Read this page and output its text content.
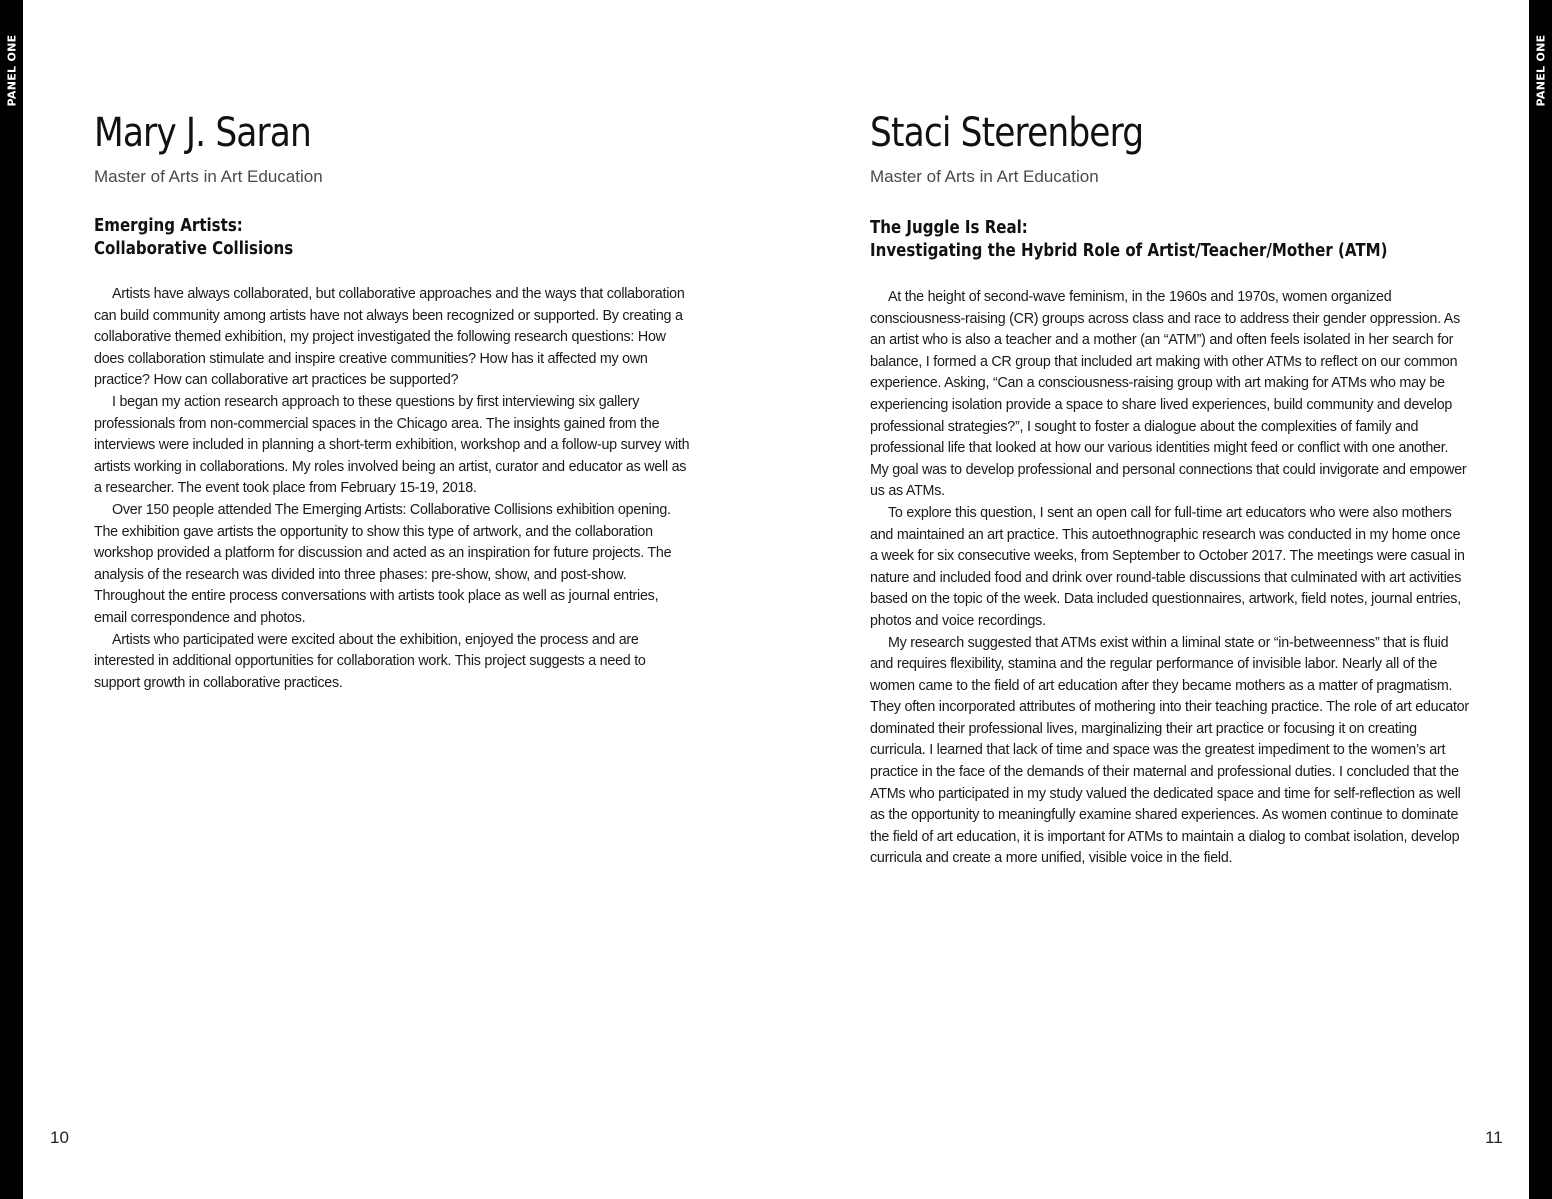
PANEL ONE	PANEL ONE
Mary J. Saran
Master of Arts in Art Education
Emerging Artists:
Collaborative Collisions

Artists have always collaborated, but collaborative approaches and the ways that collaboration can build community among artists have not always been recognized or supported. By creating a collaborative themed exhibition, my project investigated the following research questions: How does collaboration stimulate and inspire creative communities? How has it affected my own practice? How can collaborative art practices be supported?

I began my action research approach to these questions by first interviewing six gallery professionals from non-commercial spaces in the Chicago area. The insights gained from the interviews were included in planning a short-term exhibition, workshop and a follow-up survey with artists working in collaborations. My roles involved being an artist, curator and educator as well as a researcher. The event took place from February 15-19, 2018.

Over 150 people attended The Emerging Artists: Collaborative Collisions exhibition opening. The exhibition gave artists the opportunity to show this type of artwork, and the collaboration workshop provided a platform for discussion and acted as an inspiration for future projects. The analysis of the research was divided into three phases: pre-show, show, and post-show. Throughout the entire process conversations with artists took place as well as journal entries, email correspondence and photos.

Artists who participated were excited about the exhibition, enjoyed the process and are interested in additional opportunities for collaboration work. This project suggests a need to support growth in collaborative practices.

Staci Sterenberg
Master of Arts in Art Education
The Juggle Is Real:
Investigating the Hybrid Role of Artist/Teacher/Mother (ATM)

At the height of second-wave feminism, in the 1960s and 1970s, women organized consciousness-raising (CR) groups across class and race to address their gender oppression. As an artist who is also a teacher and a mother (an “ATM”) and often feels isolated in her search for balance, I formed a CR group that included art making with other ATMs to reflect on our common experience. Asking, “Can a consciousness-raising group with art making for ATMs who may be experiencing isolation provide a space to share lived experiences, build community and develop professional strategies?”, I sought to foster a dialogue about the complexities of family and professional life that looked at how our various identities might feed or conflict with one another. My goal was to develop professional and personal connections that could invigorate and empower us as ATMs.

To explore this question, I sent an open call for full-time art educators who were also mothers and maintained an art practice. This autoethnographic research was conducted in my home once a week for six consecutive weeks, from September to October 2017. The meetings were casual in nature and included food and drink over round-table discussions that culminated with art activities based on the topic of the week. Data included questionnaires, artwork, field notes, journal entries, photos and voice recordings.

My research suggested that ATMs exist within a liminal state or “in-betweenness” that is fluid and requires flexibility, stamina and the regular performance of invisible labor. Nearly all of the women came to the field of art education after they became mothers as a matter of pragmatism. They often incorporated attributes of mothering into their teaching practice. The role of art educator dominated their professional lives, marginalizing their art practice or focusing it on creating curricula. I learned that lack of time and space was the greatest impediment to the women’s art practice in the face of the demands of their maternal and professional duties. I concluded that the ATMs who participated in my study valued the dedicated space and time for self-reflection as well as the opportunity to meaningfully examine shared experiences. As women continue to dominate the field of art education, it is important for ATMs to maintain a dialog to combat isolation, develop curricula and create a more unified, visible voice in the field.

10	11
